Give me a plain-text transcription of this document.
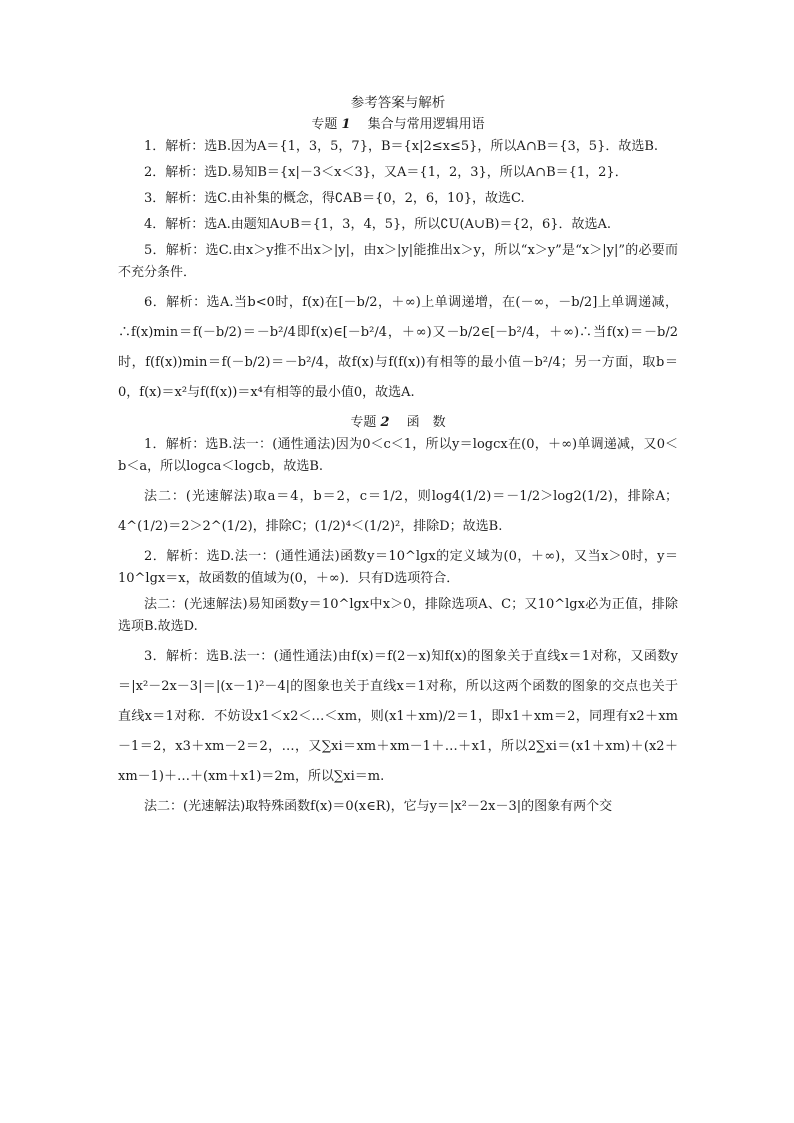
参考答案与解析
专题 1　 集合与常用逻辑用语

1．解析：选B.因为A＝{1，3，5，7}，B＝{x|2≤x≤5}，所以A∩B＝{3，5}．故选B.

2．解析：选D.易知B＝{x|－3＜x＜3}，又A＝{1，2，3}，所以A∩B＝{1，2}．

3．解析：选C.由补集的概念，得∁AB＝{0，2，6，10}，故选C.

4．解析：选A.由题知A∪B＝{1，3，4，5}，所以∁U(A∪B)＝{2，6}．故选A.

5．解析：选C.由x＞y推不出x＞|y|，由x＞|y|能推出x＞y，所以“x＞y”是“x＞|y|”的必要而不充分条件．

6．解析：选A.当b<0时，f(x)在[－b/2，＋∞)上单调递增，在(－∞，－b/2]上单调递减，∴f(x)min＝f(－b/2)＝－b²/4即f(x)∈[－b²/4，＋∞)又－b/2∈[－b²/4，＋∞)∴当f(x)＝－b/2时，f(f(x))min＝f(－b/2)＝－b²/4，故f(x)与f(f(x))有相等的最小值－b²/4；另一方面，取b＝0，f(x)＝x²与f(f(x))＝x⁴有相等的最小值0，故选A.

专题 2　 函　数

1．解析：选B.法一：(通性通法)因为0＜c＜1，所以y＝logcx在(0，＋∞)单调递减，又0＜b＜a，所以logca＜logcb，故选B.

法二：(光速解法)取a＝4，b＝2，c＝1/2，则log4(1/2)＝－1/2＞log2(1/2)，排除A；4^(1/2)＝2＞2^(1/2)，排除C；(1/2)⁴＜(1/2)²，排除D；故选B.

2．解析：选D.法一：(通性通法)函数y＝10^lgx的定义域为(0，＋∞)，又当x＞0时，y＝10^lgx＝x，故函数的值域为(0，＋∞)．只有D选项符合．

法二：(光速解法)易知函数y＝10^lgx中x＞0，排除选项A、C；又10^lgx必为正值，排除选项B.故选D.

3．解析：选B.法一：(通性通法)由f(x)＝f(2－x)知f(x)的图象关于直线x＝1对称，又函数y＝|x²－2x－3|＝|(x－1)²－4|的图象也关于直线x＝1对称，所以这两个函数的图象的交点也关于直线x＝1对称．不妨设x1＜x2＜…＜xm，则(x1＋xm)/2＝1，即x1＋xm＝2，同理有x2＋xm－1＝2，x3＋xm－2＝2，…，又∑xi＝xm＋xm－1＋…＋x1，所以2∑xi＝(x1＋xm)＋(x2＋xm－1)＋…＋(xm＋x1)＝2m，所以∑xi＝m.

法二：(光速解法)取特殊函数f(x)＝0(x∈R)，它与y＝|x²－2x－3|的图象有两个交
